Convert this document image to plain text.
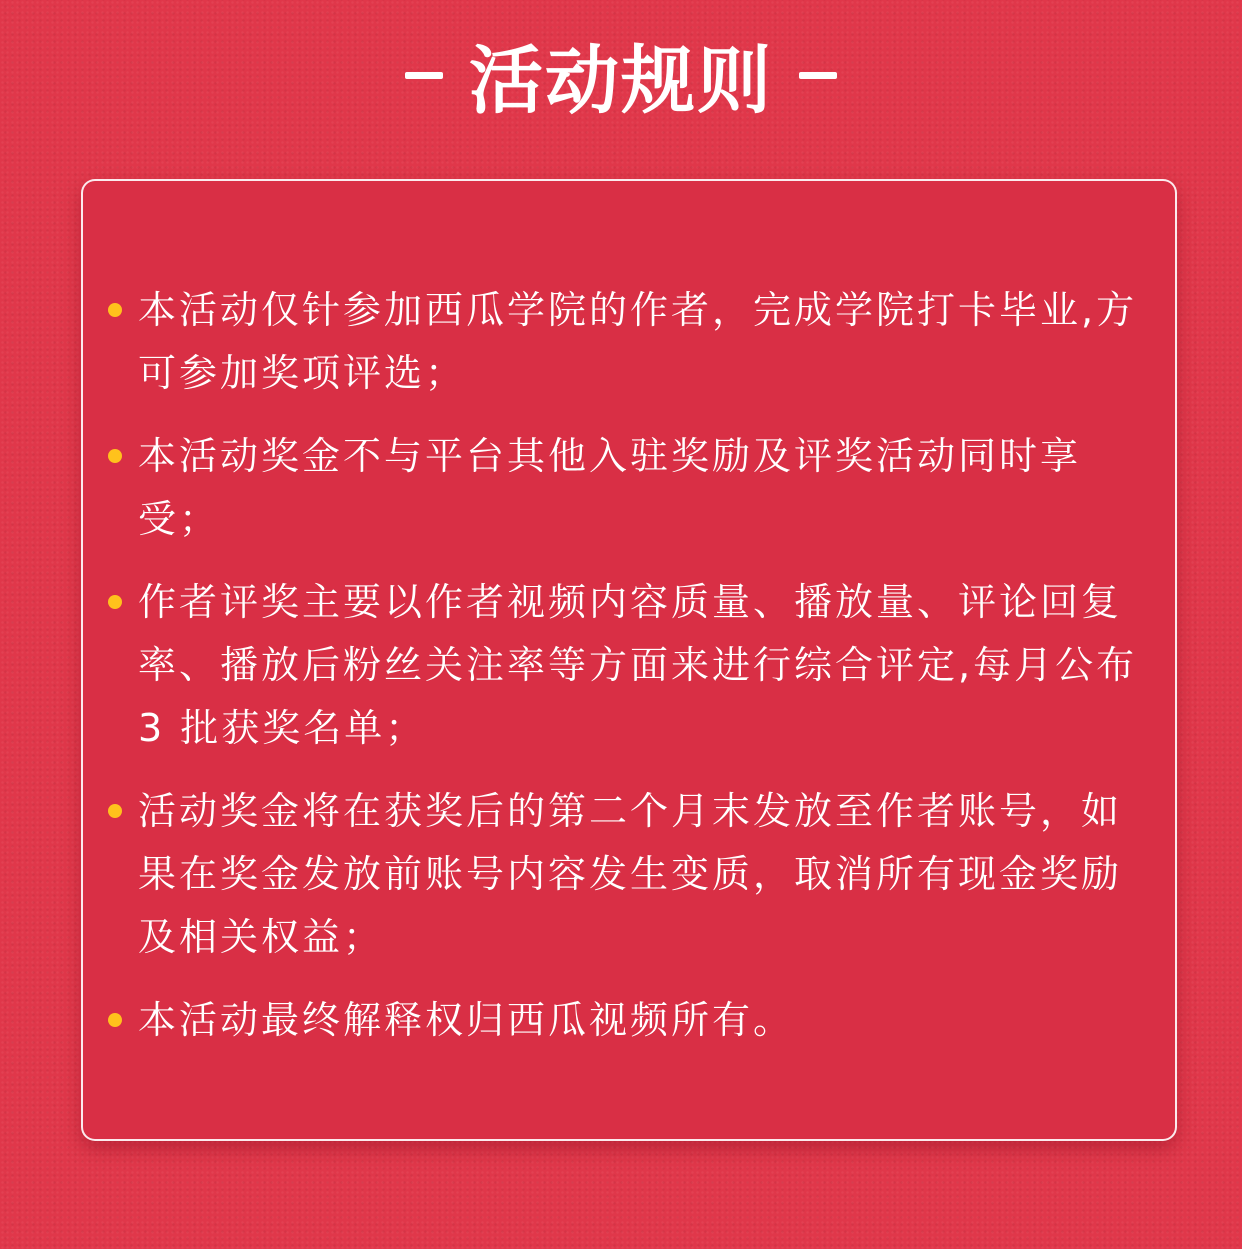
活动规则
本活动仅针参加西瓜学院的作者，完成学院打卡毕业,方可参加奖项评选；
本活动奖金不与平台其他入驻奖励及评奖活动同时享受；
作者评奖主要以作者视频内容质量、播放量、评论回复率、播放后粉丝关注率等方面来进行综合评定,每月公布 3 批获奖名单；
活动奖金将在获奖后的第二个月末发放至作者账号，如果在奖金发放前账号内容发生变质，取消所有现金奖励及相关权益；
本活动最终解释权归西瓜视频所有。
